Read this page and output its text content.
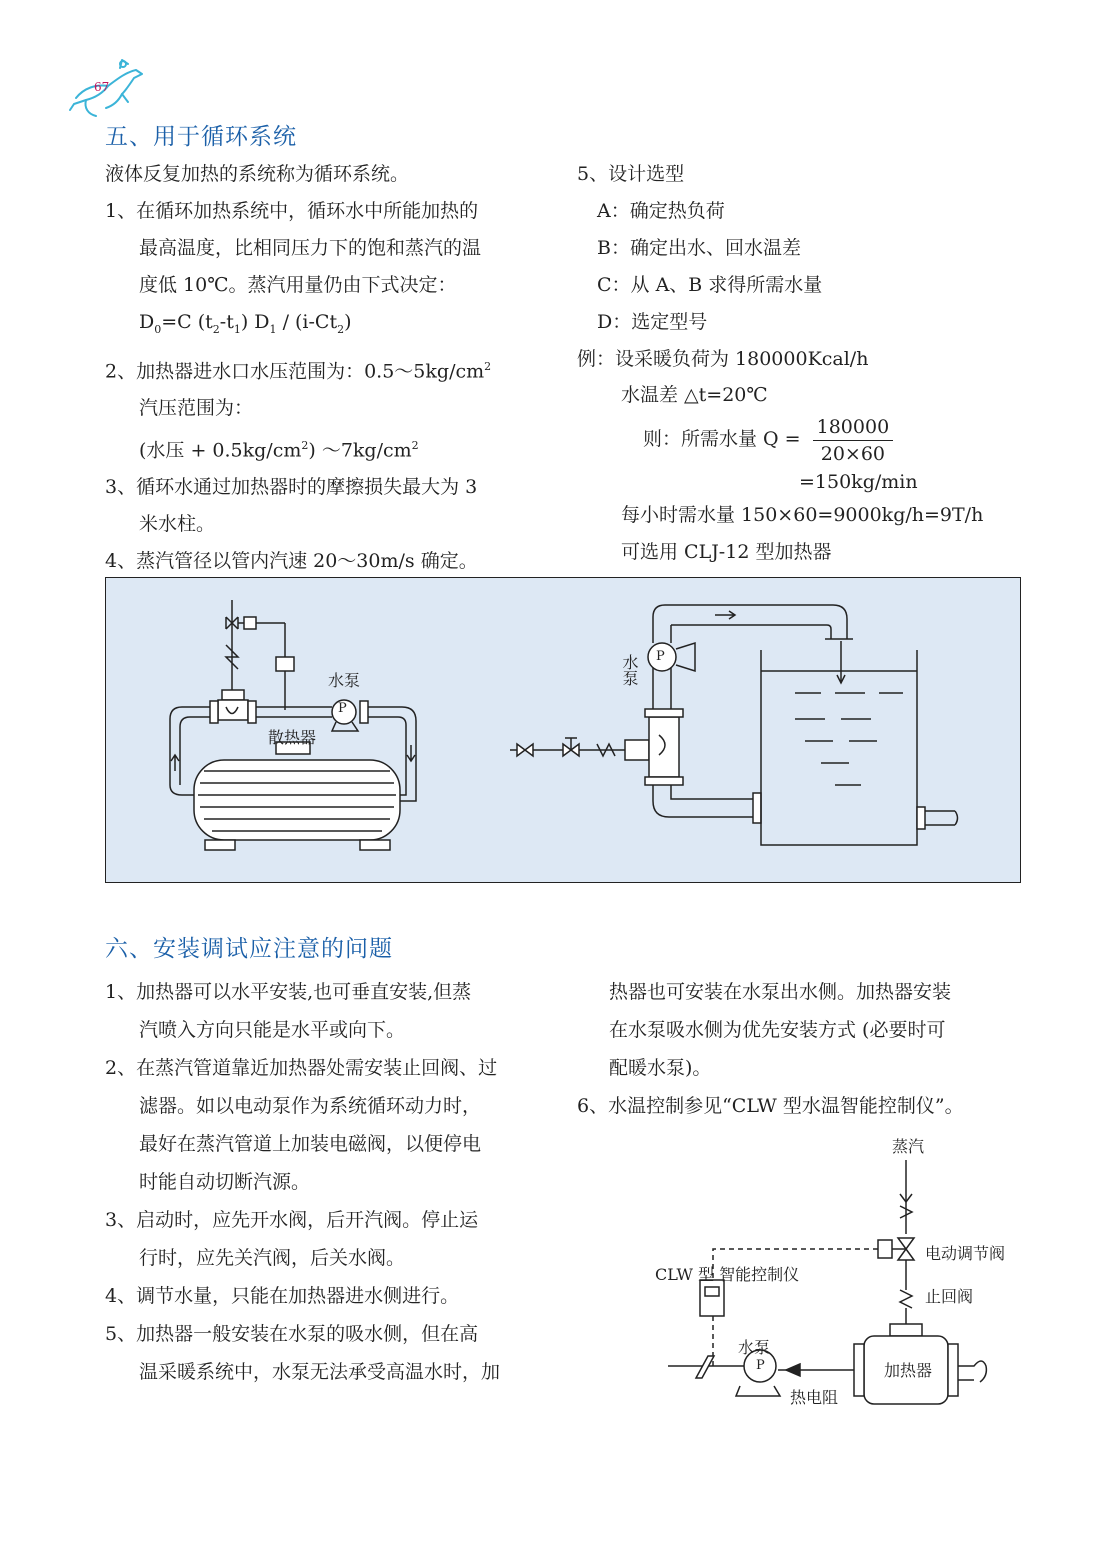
67
五、用于循环系统
液体反复加热的系统称为循环系统。
1、在循环加热系统中，循环水中所能加热的
最高温度，比相同压力下的饱和蒸汽的温
度低 10℃。蒸汽用量仍由下式决定：
$D_0=C$ $(t_2-t_1)$ $D_1 / (i-Ct_2)$
2、加热器进水口水压范围为：$0.5\sim 5kg/cm^2$
汽压范围为：
(水压 + $0.5kg/cm^2$) $\sim 7kg/cm^2$
3、循环水通过加热器时的摩擦损失最大为 3
米水柱。
4、蒸汽管径以管内汽速 20～30m/s 确定。
5、设计选型
A：确定热负荷
B：确定出水、回水温差
C：从 A、B 求得所需水量
D：选定型号
例：设采暖负荷为 180000Kcal/h
水温差 △t=20℃
则：所需水量 $Q = \frac{180000}{20\times 60}$
=150kg/min
每小时需水量 150×60=9000kg/h=9T/h
可选用 CLJ-12 型加热器
水泵
P
散热器
水泵 P
六、安装调试应注意的问题
1、加热器可以水平安装,也可垂直安装,但蒸
汽喷入方向只能是水平或向下。
2、在蒸汽管道靠近加热器处需安装止回阀、过
滤器。如以电动泵作为系统循环动力时，
最好在蒸汽管道上加装电磁阀，以便停电
时能自动切断汽源。
3、启动时，应先开水阀，后开汽阀。停止运
行时，应先关汽阀，后关水阀。
4、调节水量，只能在加热器进水侧进行。
5、加热器一般安装在水泵的吸水侧，但在高
温采暖系统中，水泵无法承受高温水时，加
热器也可安装在水泵出水侧。加热器安装
在水泵吸水侧为优先安装方式 (必要时可
配暖水泵)。
6、水温控制参见“CLW 型水温智能控制仪”。
蒸汽
电动调节阀
CLW 型 智能控制仪
止回阀
水泵
P	加热器
热电阻
